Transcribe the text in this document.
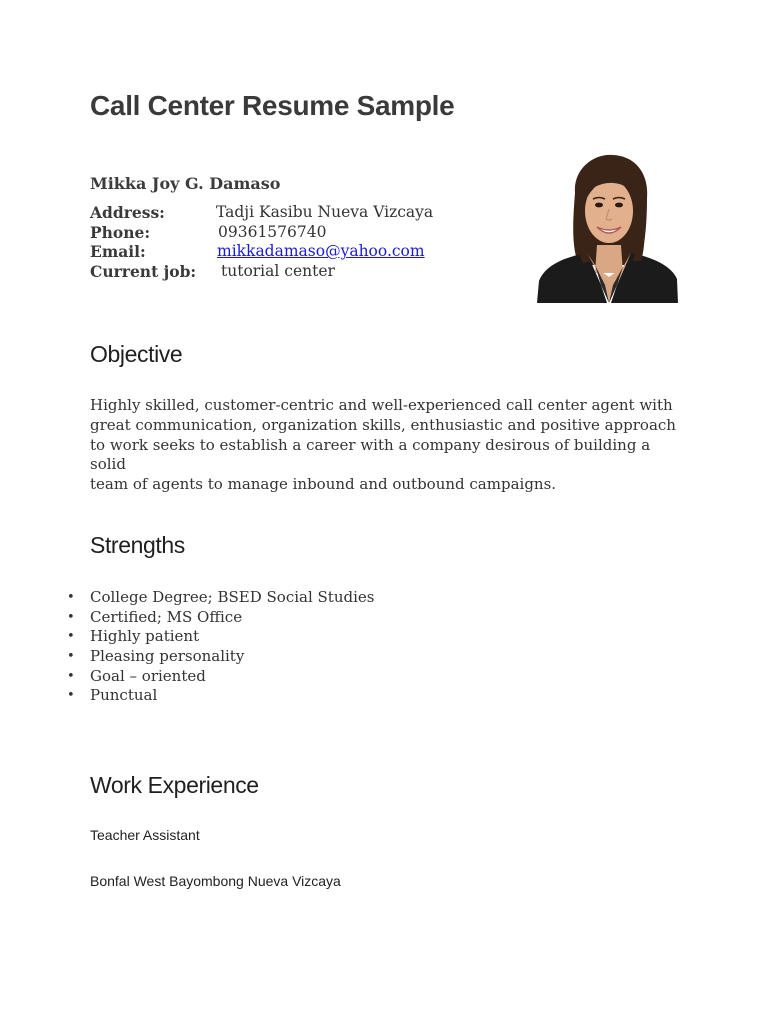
Call Center Resume Sample
Mikka Joy G. Damaso
Address:	Tadji Kasibu Nueva Vizcaya
Phone:	09361576740
Email:	mikkadamaso@yahoo.com
Current job: tutorial center
Objective
Highly skilled, customer-centric and well-experienced call center agent with
great communication, organization skills, enthusiastic and positive approach
to work seeks to establish a career with a company desirous of building a solid
team of agents to manage inbound and outbound campaigns.
Strengths
• College Degree; BSED Social Studies
• Certified; MS Office
• Highly patient
• Pleasing personality
• Goal – oriented
• Punctual
Work Experience
Teacher Assistant
Bonfal West Bayombong Nueva Vizcaya
